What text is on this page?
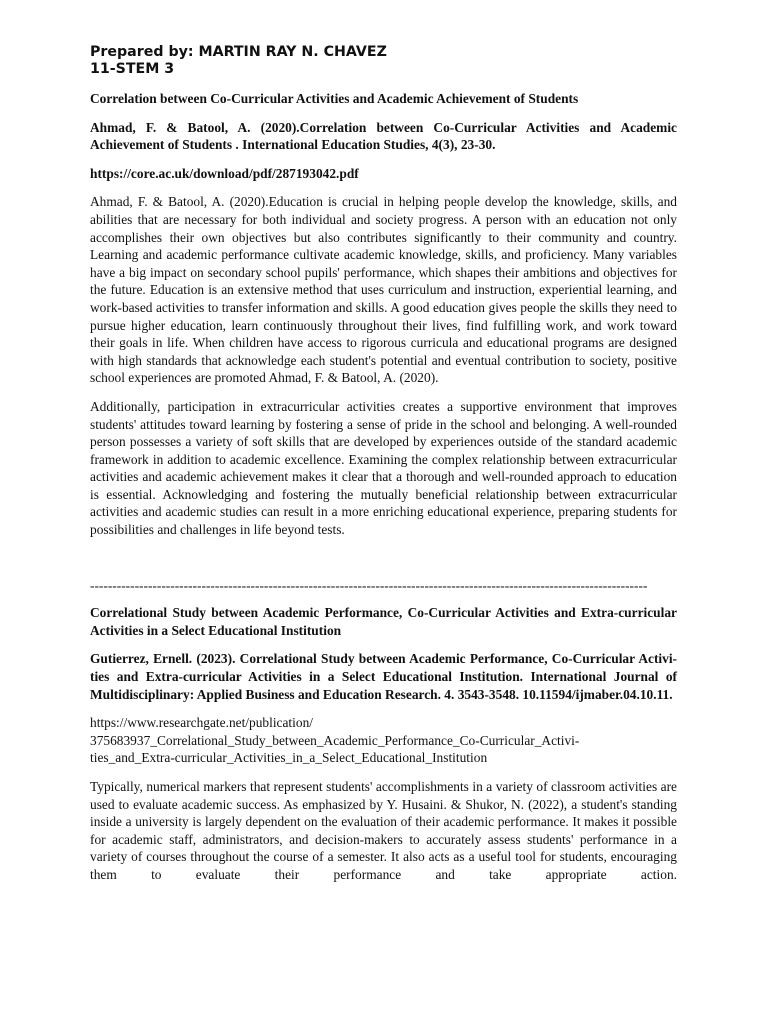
Prepared by: MARTIN RAY N. CHAVEZ

11-STEM 3

Correlation between Co-Curricular Activities and Academic Achievement of Students

Ahmad, F. & Batool, A. (2020).Correlation between Co-Curricular Activities and Academic Achievement of Students . International Education Studies, 4(3), 23-30.

https://core.ac.uk/download/pdf/287193042.pdf

Ahmad, F. & Batool, A. (2020).Education is crucial in helping people develop the knowledge, skills, and abilities that are necessary for both individual and society progress. A person with an education not only accomplishes their own objectives but also contributes significantly to their community and country. Learning and academic performance cultivate academic knowledge, skills, and proficiency. Many variables have a big impact on secondary school pupils' performance, which shapes their ambitions and objectives for the future. Education is an extensive method that uses curriculum and instruction, experiential learning, and work-based activities to transfer information and skills. A good education gives people the skills they need to pursue higher education, learn continuously throughout their lives, find fulfilling work, and work toward their goals in life. When children have access to rigorous curricula and educational programs are designed with high standards that acknowledge each student's potential and eventual contribution to society, positive school experiences are promoted Ahmad, F. & Batool, A. (2020).

Additionally, participation in extracurricular activities creates a supportive environment that improves students' attitudes toward learning by fostering a sense of pride in the school and belonging. A well-rounded person possesses a variety of soft skills that are developed by experiences outside of the standard academic framework in addition to academic excellence. Examining the complex relationship between extracurricular activities and academic achievement makes it clear that a thorough and well-rounded approach to education is essential. Acknowledging and fostering the mutually beneficial relationship between extracurricular activities and academic studies can result in a more enriching educational experience, preparing students for possibilities and challenges in life beyond tests.

-----------------------------------------------------------------------------------------------------------------------------

Correlational Study between Academic Performance, Co-Curricular Activities and Extra-curricular Activities in a Select Educational Institution

Gutierrez, Ernell. (2023). Correlational Study between Academic Performance, Co-Curricular Activi-ties and Extra-curricular Activities in a Select Educational Institution. International Journal of Multidisciplinary: Applied Business and Education Research. 4. 3543-3548. 10.11594/ijmaber.04.10.11.

https://www.researchgate.net/publication/
375683937_Correlational_Study_between_Academic_Performance_Co-Curricular_Activi-
ties_and_Extra-curricular_Activities_in_a_Select_Educational_Institution

Typically, numerical markers that represent students' accomplishments in a variety of classroom activities are used to evaluate academic success. As emphasized by Y. Husaini. & Shukor, N. (2022), a student's standing inside a university is largely dependent on the evaluation of their academic performance. It makes it possible for academic staff, administrators, and decision-makers to accurately assess students' performance in a variety of courses throughout the course of a semester. It also acts as a useful tool for students, encouraging them to evaluate their performance and take appropriate action.
